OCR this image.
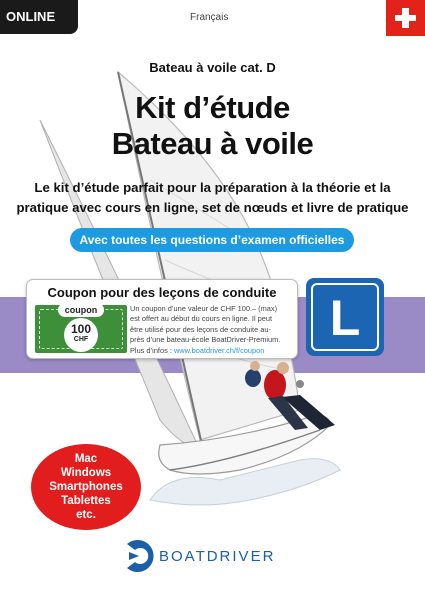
ONLINE	Français
Bateau à voile cat. D
Kit d’étude
Bateau à voile
Le kit d’étude parfait pour la préparation à la théorie et la
pratique avec cours en ligne, set de nœuds et livre de pratique
Avec toutes les questions d’examen officielles
Coupon pour des leçons de conduite
coupon
100
CHF
Un coupon d’une valeur de CHF 100.– (max)
est offert au début du cours en ligne. Il peut
être utilisé pour des leçons de conduite au-
près d’une bateau-école BoatDriver-Premium.
Plus d’infos : www.boatdriver.ch/f/coupon
L
Mac
Windows
Smartphones
Tablettes
etc.
BOATDRIVER
